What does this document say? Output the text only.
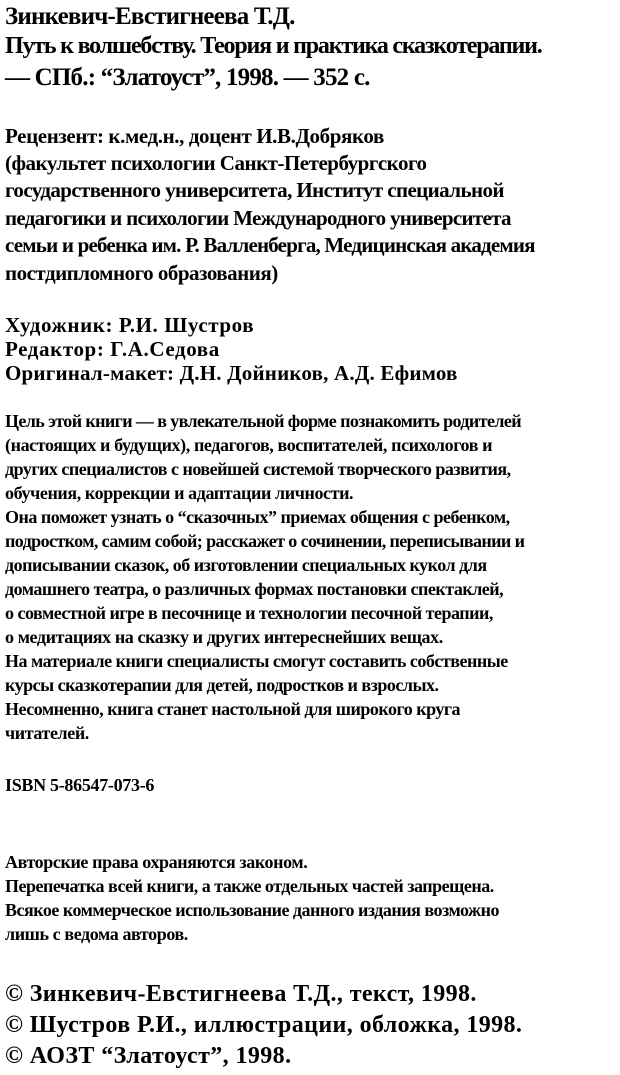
Зинкевич-Евстигнеева Т.Д.
Путь к волшебству. Теория и практика сказкотерапии.
— СПб.: “Златоуст”, 1998. — 352 с.
Рецензент: к.мед.н., доцент И.В.Добряков
(факультет психологии Санкт-Петербургского
государственного университета, Институт специальной
педагогики и психологии Международного университета
семьи и ребенка им. Р. Валленберга, Медицинская академия
постдипломного образования)
Художник: Р.И. Шустров
Редактор: Г.А.Седова
Оригинал-макет: Д.Н. Дойников, А.Д. Ефимов
Цель этой книги — в увлекательной форме познакомить родителей
(настоящих и будущих), педагогов, воспитателей, психологов и
других специалистов с новейшей системой творческого развития,
обучения, коррекции и адаптации личности.
Она поможет узнать о “сказочных” приемах общения с ребенком,
подростком, самим собой; расскажет о сочинении, переписывании и
дописывании сказок, об изготовлении специальных кукол для
домашнего театра, о различных формах постановки спектаклей,
о совместной игре в песочнице и технологии песочной терапии,
о медитациях на сказку и других интереснейших вещах.
На материале книги специалисты смогут составить собственные
курсы сказкотерапии для детей, подростков и взрослых.
Несомненно, книга станет настольной для широкого круга
читателей.
ISBN 5-86547-073-6
Авторские права охраняются законом.
Перепечатка всей книги, а также отдельных частей запрещена.
Всякое коммерческое использование данного издания возможно
лишь с ведома авторов.
© Зинкевич-Евстигнеева Т.Д., текст, 1998.
© Шустров Р.И., иллюстрации, обложка, 1998.
© АОЗТ “Златоуст”, 1998.
